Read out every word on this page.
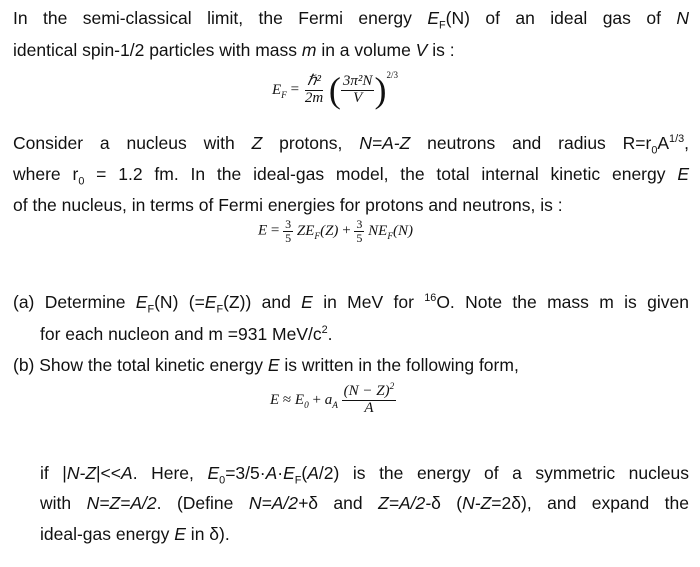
In the semi-classical limit, the Fermi energy $E_F(N)$ of an ideal gas of N
identical spin-1/2 particles with mass m in a volume V is :
$E_F$ =
ℏ²
2m ( $\frac{\text{3π²N}}{V} )^{2/3}$
Consider a nucleus with Z protons, N=A-Z neutrons and radius $R=r_0A^{1/3}$,
where $r_0 = 1.2$ fm. In the ideal-gas model, the total internal kinetic energy E
of the nucleus, in terms of Fermi energies for protons and neutrons, is :
$E = \frac{3}{5} ZE_F(Z) + \frac{3}{5} NE_F(N)$
(a) Determine $E_F(N)$ $(=E_F(Z))$ and E in MeV for $^{16}$O. Note the mass m is given
for each nucleon and m =931 MeV/$c^2$.
(b) Show the total kinetic energy E is written in the following form,
$E \approx E_0 + a_A \frac{(N - Z)^2}{A}$
if |N-Z|<<A. Here, $E_0=3/5\cdot A\cdot E_F(A/2)$ is the energy of a symmetric nucleus
with N=Z=A/2. (Define N=A/2+δ and Z=A/2-δ (N-Z=2δ), and expand the
ideal-gas energy E in δ).
